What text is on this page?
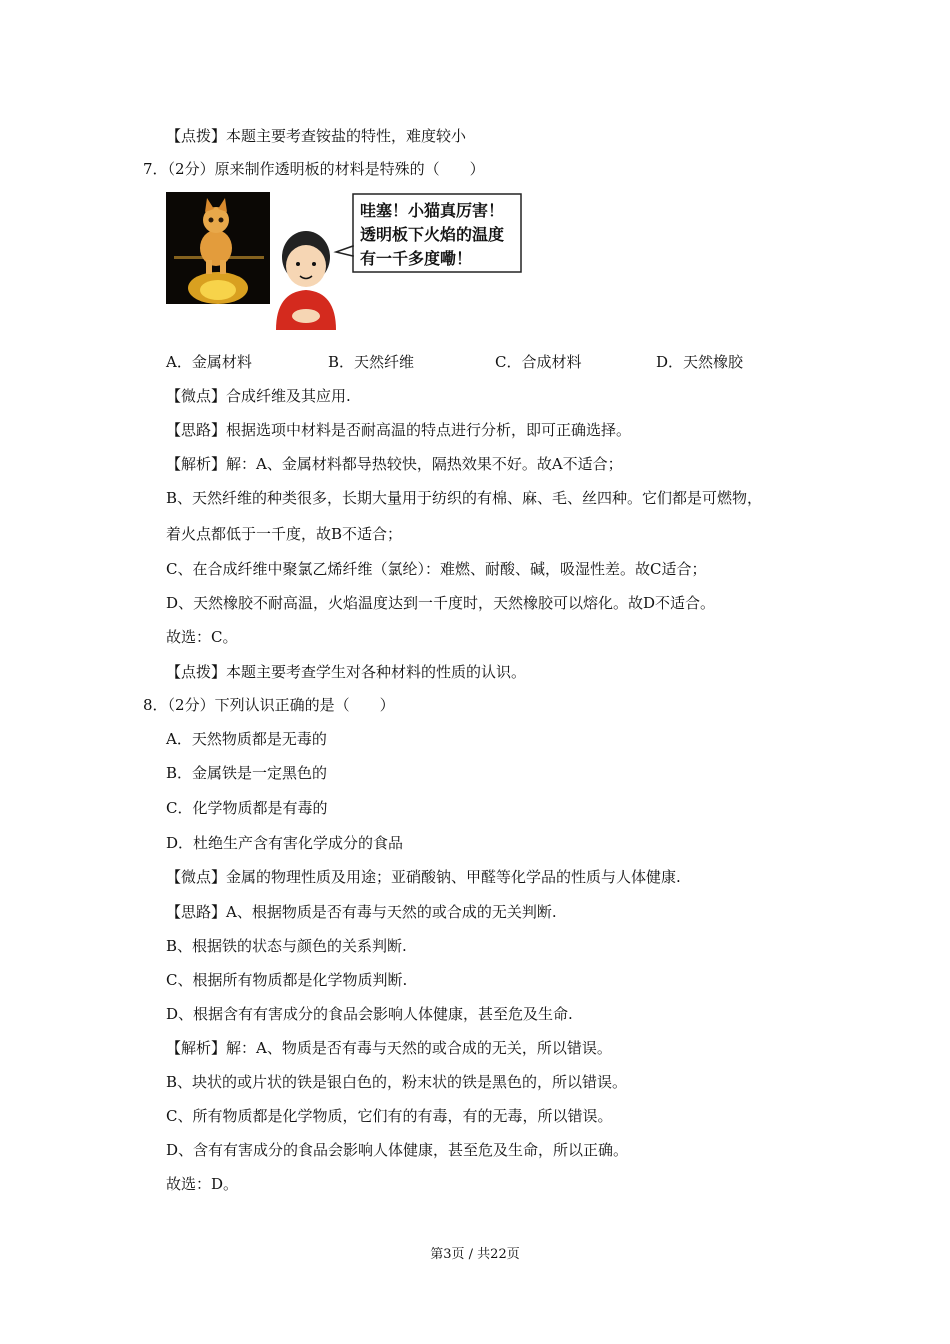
【点拨】本题主要考查铵盐的特性，难度较小
7．（2分）原来制作透明板的材料是特殊的（　　）
哇塞！小猫真厉害！
透明板下火焰的温度
有一千多度嘞！
A．金属材料	B．天然纤维	C．合成材料	D．天然橡胶
【微点】合成纤维及其应用.
【思路】根据选项中材料是否耐高温的特点进行分析，即可正确选择。
【解析】解：A、金属材料都导热较快，隔热效果不好。故A不适合；
B、天然纤维的种类很多，长期大量用于纺织的有棉、麻、毛、丝四种。它们都是可燃物，
着火点都低于一千度，故B不适合；
C、在合成纤维中聚氯乙烯纤维（氯纶）：难燃、耐酸、碱，吸湿性差。故C适合；
D、天然橡胶不耐高温，火焰温度达到一千度时，天然橡胶可以熔化。故D不适合。
故选：C。
【点拨】本题主要考查学生对各种材料的性质的认识。
8．（2分）下列认识正确的是（　　）
A．天然物质都是无毒的
B．金属铁是一定黑色的
C．化学物质都是有毒的
D．杜绝生产含有害化学成分的食品
【微点】金属的物理性质及用途；亚硝酸钠、甲醛等化学品的性质与人体健康.
【思路】A、根据物质是否有毒与天然的或合成的无关判断.
B、根据铁的状态与颜色的关系判断.
C、根据所有物质都是化学物质判断.
D、根据含有有害成分的食品会影响人体健康，甚至危及生命.
【解析】解：A、物质是否有毒与天然的或合成的无关，所以错误。
B、块状的或片状的铁是银白色的，粉末状的铁是黑色的，所以错误。
C、所有物质都是化学物质，它们有的有毒，有的无毒，所以错误。
D、含有有害成分的食品会影响人体健康，甚至危及生命，所以正确。
故选：D。
第3页 / 共22页
